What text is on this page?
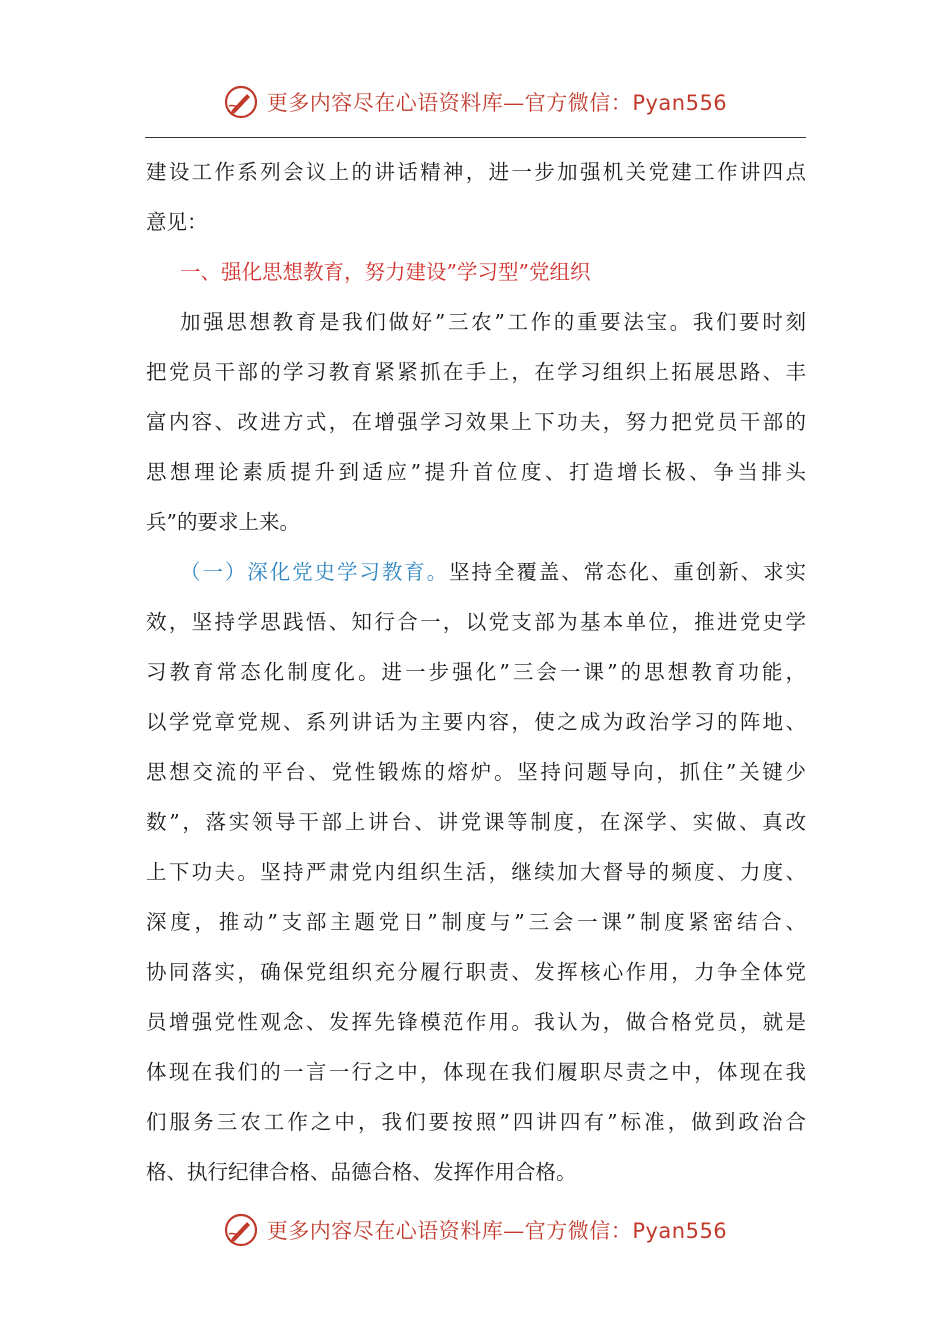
更多内容尽在心语资料库—官方微信：Pyan556
建设工作系列会议上的讲话精神，进一步加强机关党建工作讲四点
意见：
一、强化思想教育，努力建设”学习型”党组织
加强思想教育是我们做好”三农”工作的重要法宝。我们要时刻
把党员干部的学习教育紧紧抓在手上，在学习组织上拓展思路、丰
富内容、改进方式，在增强学习效果上下功夫，努力把党员干部的
思想理论素质提升到适应”提升首位度、打造增长极、争当排头
兵”的要求上来。
（一）深化党史学习教育。坚持全覆盖、常态化、重创新、求实
效，坚持学思践悟、知行合一，以党支部为基本单位，推进党史学
习教育常态化制度化。进一步强化”三会一课”的思想教育功能，
以学党章党规、系列讲话为主要内容，使之成为政治学习的阵地、
思想交流的平台、党性锻炼的熔炉。坚持问题导向，抓住”关键少
数”，落实领导干部上讲台、讲党课等制度，在深学、实做、真改
上下功夫。坚持严肃党内组织生活，继续加大督导的频度、力度、
深度，推动”支部主题党日”制度与”三会一课”制度紧密结合、
协同落实，确保党组织充分履行职责、发挥核心作用，力争全体党
员增强党性观念、发挥先锋模范作用。我认为，做合格党员，就是
体现在我们的一言一行之中，体现在我们履职尽责之中，体现在我
们服务三农工作之中，我们要按照”四讲四有”标准，做到政治合
格、执行纪律合格、品德合格、发挥作用合格。
更多内容尽在心语资料库—官方微信：Pyan556
